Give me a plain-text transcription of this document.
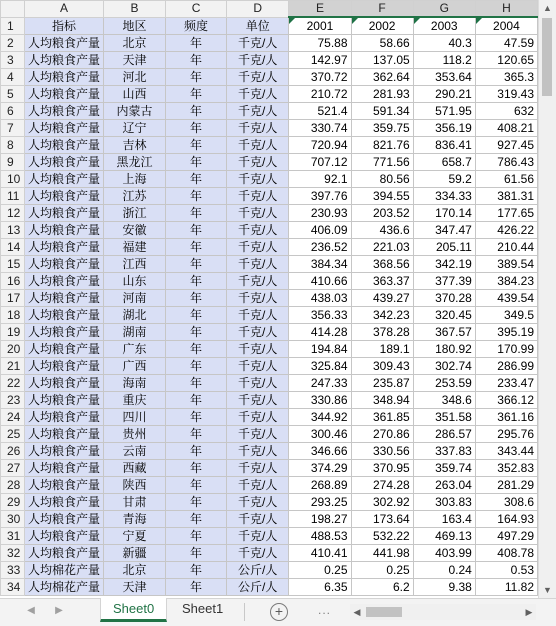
	A	B	C	D	E	F	G	H
1	指标	地区	频度	单位	2001	2002	2003	2004
2	人均粮食产量	北京	年	千克/人	75.88	58.66	40.3	47.59
3	人均粮食产量	天津	年	千克/人	142.97	137.05	118.2	120.65
4	人均粮食产量	河北	年	千克/人	370.72	362.64	353.64	365.3
5	人均粮食产量	山西	年	千克/人	210.72	281.93	290.21	319.43
6	人均粮食产量	内蒙古	年	千克/人	521.4	591.34	571.95	632
7	人均粮食产量	辽宁	年	千克/人	330.74	359.75	356.19	408.21
8	人均粮食产量	吉林	年	千克/人	720.94	821.76	836.41	927.45
9	人均粮食产量	黑龙江	年	千克/人	707.12	771.56	658.7	786.43
10	人均粮食产量	上海	年	千克/人	92.1	80.56	59.2	61.56
11	人均粮食产量	江苏	年	千克/人	397.76	394.55	334.33	381.31
12	人均粮食产量	浙江	年	千克/人	230.93	203.52	170.14	177.65
13	人均粮食产量	安徽	年	千克/人	406.09	436.6	347.47	426.22
14	人均粮食产量	福建	年	千克/人	236.52	221.03	205.11	210.44
15	人均粮食产量	江西	年	千克/人	384.34	368.56	342.19	389.54
16	人均粮食产量	山东	年	千克/人	410.66	363.37	377.39	384.23
17	人均粮食产量	河南	年	千克/人	438.03	439.27	370.28	439.54
18	人均粮食产量	湖北	年	千克/人	356.33	342.23	320.45	349.5
19	人均粮食产量	湖南	年	千克/人	414.28	378.28	367.57	395.19
20	人均粮食产量	广东	年	千克/人	194.84	189.1	180.92	170.99
21	人均粮食产量	广西	年	千克/人	325.84	309.43	302.74	286.99
22	人均粮食产量	海南	年	千克/人	247.33	235.87	253.59	233.47
23	人均粮食产量	重庆	年	千克/人	330.86	348.94	348.6	366.12
24	人均粮食产量	四川	年	千克/人	344.92	361.85	351.58	361.16
25	人均粮食产量	贵州	年	千克/人	300.46	270.86	286.57	295.76
26	人均粮食产量	云南	年	千克/人	346.66	330.56	337.83	343.44
27	人均粮食产量	西藏	年	千克/人	374.29	370.95	359.74	352.83
28	人均粮食产量	陕西	年	千克/人	268.89	274.28	263.04	281.29
29	人均粮食产量	甘肃	年	千克/人	293.25	302.92	303.83	308.6
30	人均粮食产量	青海	年	千克/人	198.27	173.64	163.4	164.93
31	人均粮食产量	宁夏	年	千克/人	488.53	532.22	469.13	497.29
32	人均粮食产量	新疆	年	千克/人	410.41	441.98	403.99	408.78
33	人均棉花产量	北京	年	公斤/人	0.25	0.25	0.24	0.53
34	人均棉花产量	天津	年	公斤/人	6.35	6.2	9.38	11.82
▲
▼
◀	▶	Sheet0	Sheet1	+	...	◀	▶
